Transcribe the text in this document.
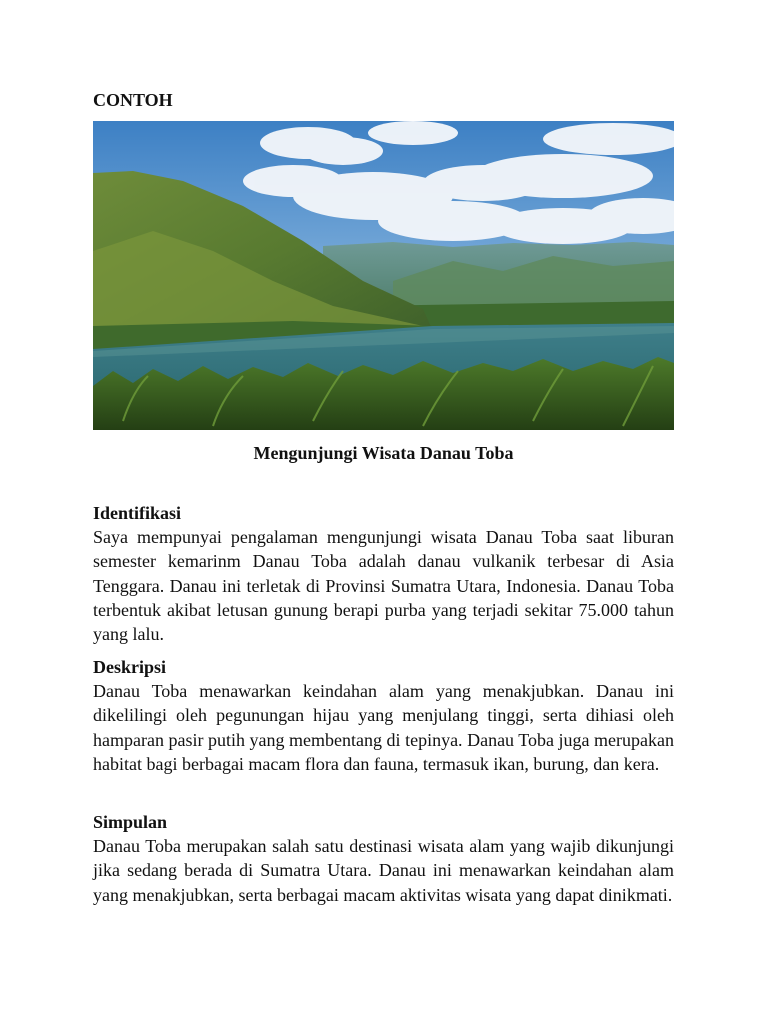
CONTOH
Mengunjungi Wisata Danau Toba
Identifikasi

Saya mempunyai pengalaman mengunjungi wisata Danau Toba saat liburan semester kemarinm Danau Toba adalah danau vulkanik terbesar di Asia Tenggara. Danau ini terletak di Provinsi Sumatra Utara, Indonesia. Danau Toba terbentuk akibat letusan gunung berapi purba yang terjadi sekitar 75.000 tahun yang lalu.

Deskripsi

Danau Toba menawarkan keindahan alam yang menakjubkan. Danau ini dikelilingi oleh pegunungan hijau yang menjulang tinggi, serta dihiasi oleh hamparan pasir putih yang membentang di tepinya. Danau Toba juga merupakan habitat bagi berbagai macam flora dan fauna, termasuk ikan, burung, dan kera.

Simpulan

Danau Toba merupakan salah satu destinasi wisata alam yang wajib dikunjungi jika sedang berada di Sumatra Utara. Danau ini menawarkan keindahan alam yang menakjubkan, serta berbagai macam aktivitas wisata yang dapat dinikmati.
